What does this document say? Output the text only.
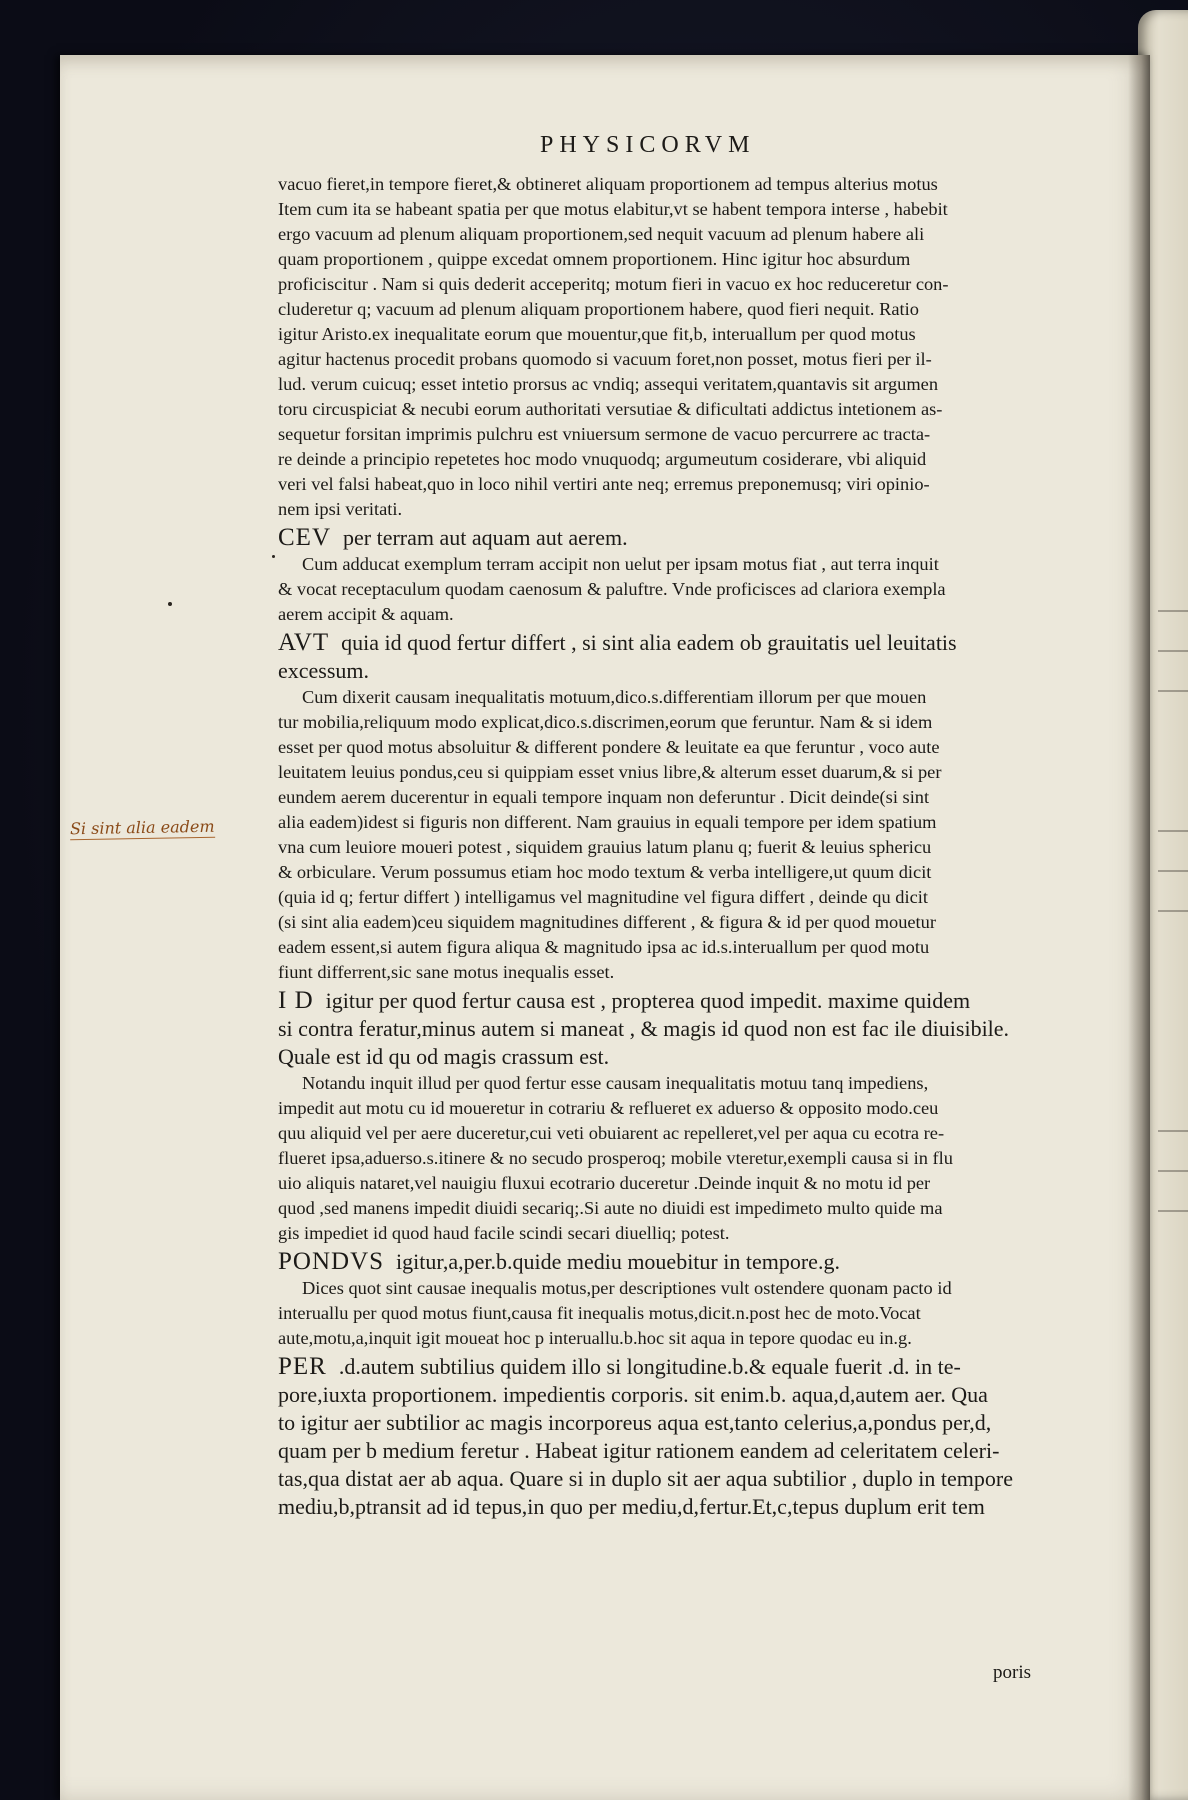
PHYSICORVM
Si sint alia eadem
vacuo fieret,in tempore fieret,& obtineret aliquam proportionem ad tempus alterius motus
Item cum ita se habeant spatia per que motus elabitur,vt se habent tempora interse , habebit
ergo vacuum ad plenum aliquam proportionem,sed nequit vacuum ad plenum habere ali
quam proportionem , quippe excedat omnem proportionem. Hinc igitur hoc absurdum
proficiscitur . Nam si quis dederit acceperitq; motum fieri in vacuo ex hoc reduceretur con-
cluderetur q; vacuum ad plenum aliquam proportionem habere, quod fieri nequit. Ratio
igitur Aristo.ex inequalitate eorum que mouentur,que fit,b, interuallum per quod motus
agitur hactenus procedit probans quomodo si vacuum foret,non posset, motus fieri per il-
lud. verum cuicuq; esset intetio prorsus ac vndiq; assequi veritatem,quantavis sit argumen
toru circuspiciat & necubi eorum authoritati versutiae & dificultati addictus intetionem as-
sequetur forsitan imprimis pulchru est vniuersum sermone de vacuo percurrere ac tracta-
re deinde a principio repetetes hoc modo vnuquodq; argumeutum cosiderare, vbi aliquid
veri vel falsi habeat,quo in loco nihil vertiri ante neq; erremus preponemusq; viri opinio-
nem ipsi veritati.
CEV per terram aut aquam aut aerem.
Cum adducat exemplum terram accipit non uelut per ipsam motus fiat , aut terra inquit
& vocat receptaculum quodam caenosum & paluftre. Vnde proficisces ad clariora exempla
aerem accipit & aquam.
AVT quia id quod fertur differt , si sint alia eadem ob grauitatis uel leuitatis
excessum.
Cum dixerit causam inequalitatis motuum,dico.s.differentiam illorum per que mouen
tur mobilia,reliquum modo explicat,dico.s.discrimen,eorum que feruntur. Nam & si idem
esset per quod motus absoluitur & different pondere & leuitate ea que feruntur , voco aute
leuitatem leuius pondus,ceu si quippiam esset vnius libre,& alterum esset duarum,& si per
eundem aerem ducerentur in equali tempore inquam non deferuntur . Dicit deinde(si sint
alia eadem)idest si figuris non different. Nam grauius in equali tempore per idem spatium
vna cum leuiore moueri potest , siquidem grauius latum planu q; fuerit & leuius sphericu
& orbiculare. Verum possumus etiam hoc modo textum & verba intelligere,ut quum dicit
(quia id q; fertur differt ) intelligamus vel magnitudine vel figura differt , deinde qu dicit
(si sint alia eadem)ceu siquidem magnitudines different , & figura & id per quod mouetur
eadem essent,si autem figura aliqua & magnitudo ipsa ac id.s.interuallum per quod motu
fiunt differrent,sic sane motus inequalis esset.
I D igitur per quod fertur causa est , propterea quod impedit. maxime quidem
si contra feratur,minus autem si maneat , & magis id quod non est fac ile diuisibile.
Quale est id qu od magis crassum est.
Notandu inquit illud per quod fertur esse causam inequalitatis motuu tanq impediens,
impedit aut motu cu id moueretur in cotrariu & reflueret ex aduerso & opposito modo.ceu
quu aliquid vel per aere duceretur,cui veti obuiarent ac repelleret,vel per aqua cu ecotra re-
flueret ipsa,aduerso.s.itinere & no secudo prosperoq; mobile vteretur,exempli causa si in flu
uio aliquis nataret,vel nauigiu fluxui ecotrario duceretur .Deinde inquit & no motu id per
quod ,sed manens impedit diuidi secariq;.Si aute no diuidi est impedimeto multo quide ma
gis impediet id quod haud facile scindi secari diuelliq; potest.
PONDVS igitur,a,per.b.quide mediu mouebitur in tempore.g.
Dices quot sint causae inequalis motus,per descriptiones vult ostendere quonam pacto id
interuallu per quod motus fiunt,causa fit inequalis motus,dicit.n.post hec de moto.Vocat
aute,motu,a,inquit igit moueat hoc p interuallu.b.hoc sit aqua in tepore quodac eu in.g.
PER .d.autem subtilius quidem illo si longitudine.b.& equale fuerit .d. in te-
pore,iuxta proportionem. impedientis corporis. sit enim.b. aqua,d,autem aer. Qua
to igitur aer subtilior ac magis incorporeus aqua est,tanto celerius,a,pondus per,d,
quam per b medium feretur . Habeat igitur rationem eandem ad celeritatem celeri-
tas,qua distat aer ab aqua. Quare si in duplo sit aer aqua subtilior , duplo in tempore
mediu,b,ptransit ad id tepus,in quo per mediu,d,fertur.Et,c,tepus duplum erit tem
poris
